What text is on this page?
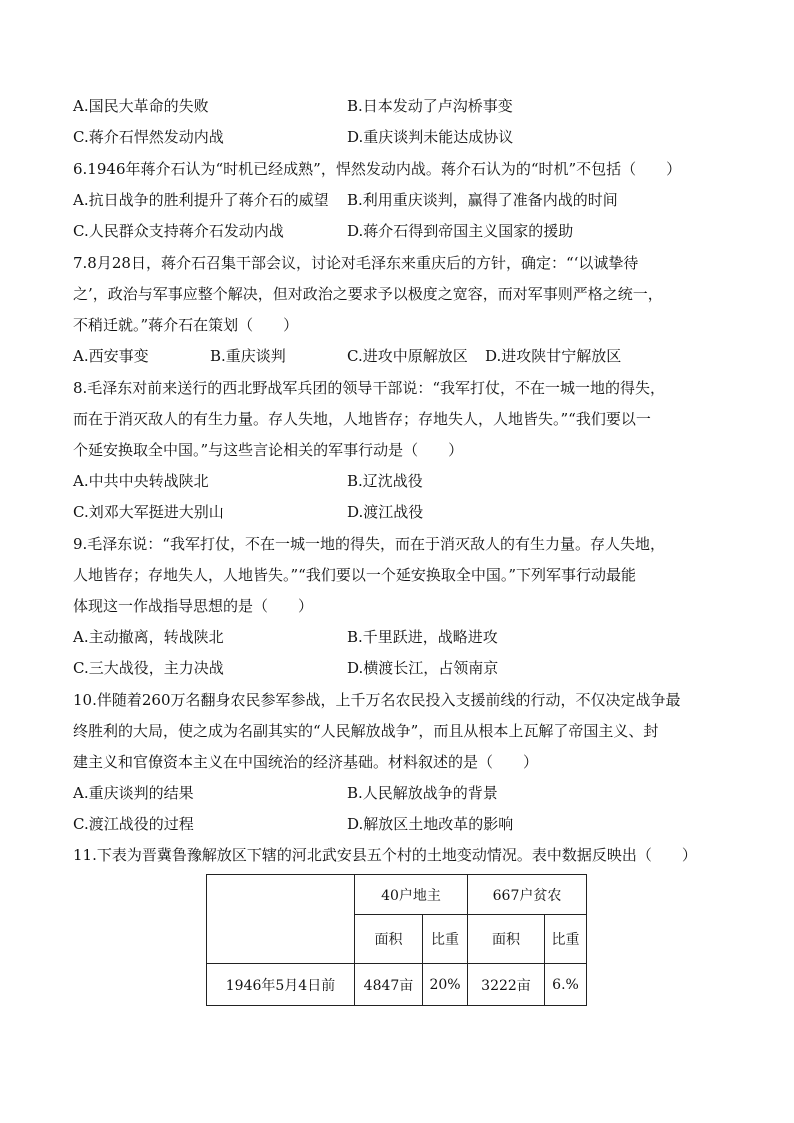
A.国民大革命的失败	B.日本发动了卢沟桥事变
C.蒋介石悍然发动内战	D.重庆谈判未能达成协议
6.1946年蒋介石认为“时机已经成熟”，悍然发动内战。蒋介石认为的“时机”不包括（　　）
A.抗日战争的胜利提升了蒋介石的威望 B.利用重庆谈判，赢得了准备内战的时间
C.人民群众支持蒋介石发动内战	D.蒋介石得到帝国主义国家的援助
7.8月28日，蒋介石召集干部会议，讨论对毛泽东来重庆后的方针，确定：“‘以诚挚待
之’，政治与军事应整个解决，但对政治之要求予以极度之宽容，而对军事则严格之统一，
不稍迁就。”蒋介石在策划（　　）
A.西安事变	B.重庆谈判	C.进攻中原解放区 D.进攻陕甘宁解放区
8.毛泽东对前来送行的西北野战军兵团的领导干部说：“我军打仗，不在一城一地的得失，
而在于消灭敌人的有生力量。存人失地，人地皆存；存地失人，人地皆失。”“我们要以一
个延安换取全中国。”与这些言论相关的军事行动是（　　）
A.中共中央转战陕北	B.辽沈战役
C.刘邓大军挺进大别山	D.渡江战役
9.毛泽东说：“我军打仗，不在一城一地的得失，而在于消灭敌人的有生力量。存人失地，
人地皆存；存地失人，人地皆失。”“我们要以一个延安换取全中国。”下列军事行动最能
体现这一作战指导思想的是（　　）
A.主动撤离，转战陕北	B.千里跃进，战略进攻
C.三大战役，主力决战	D.横渡长江，占领南京
10.伴随着260万名翻身农民参军参战，上千万名农民投入支援前线的行动，不仅决定战争最
终胜利的大局，使之成为名副其实的“人民解放战争”，而且从根本上瓦解了帝国主义、封
建主义和官僚资本主义在中国统治的经济基础。材料叙述的是（　　）
A.重庆谈判的结果	B.人民解放战争的背景
C.渡江战役的过程	D.解放区土地改革的影响
11.下表为晋冀鲁豫解放区下辖的河北武安县五个村的土地变动情况。表中数据反映出（　　）
	40户地主		667户贫农	
	面积	比重	面积	比重
1946年5月4日前	4847亩	20%	3222亩	6.%
